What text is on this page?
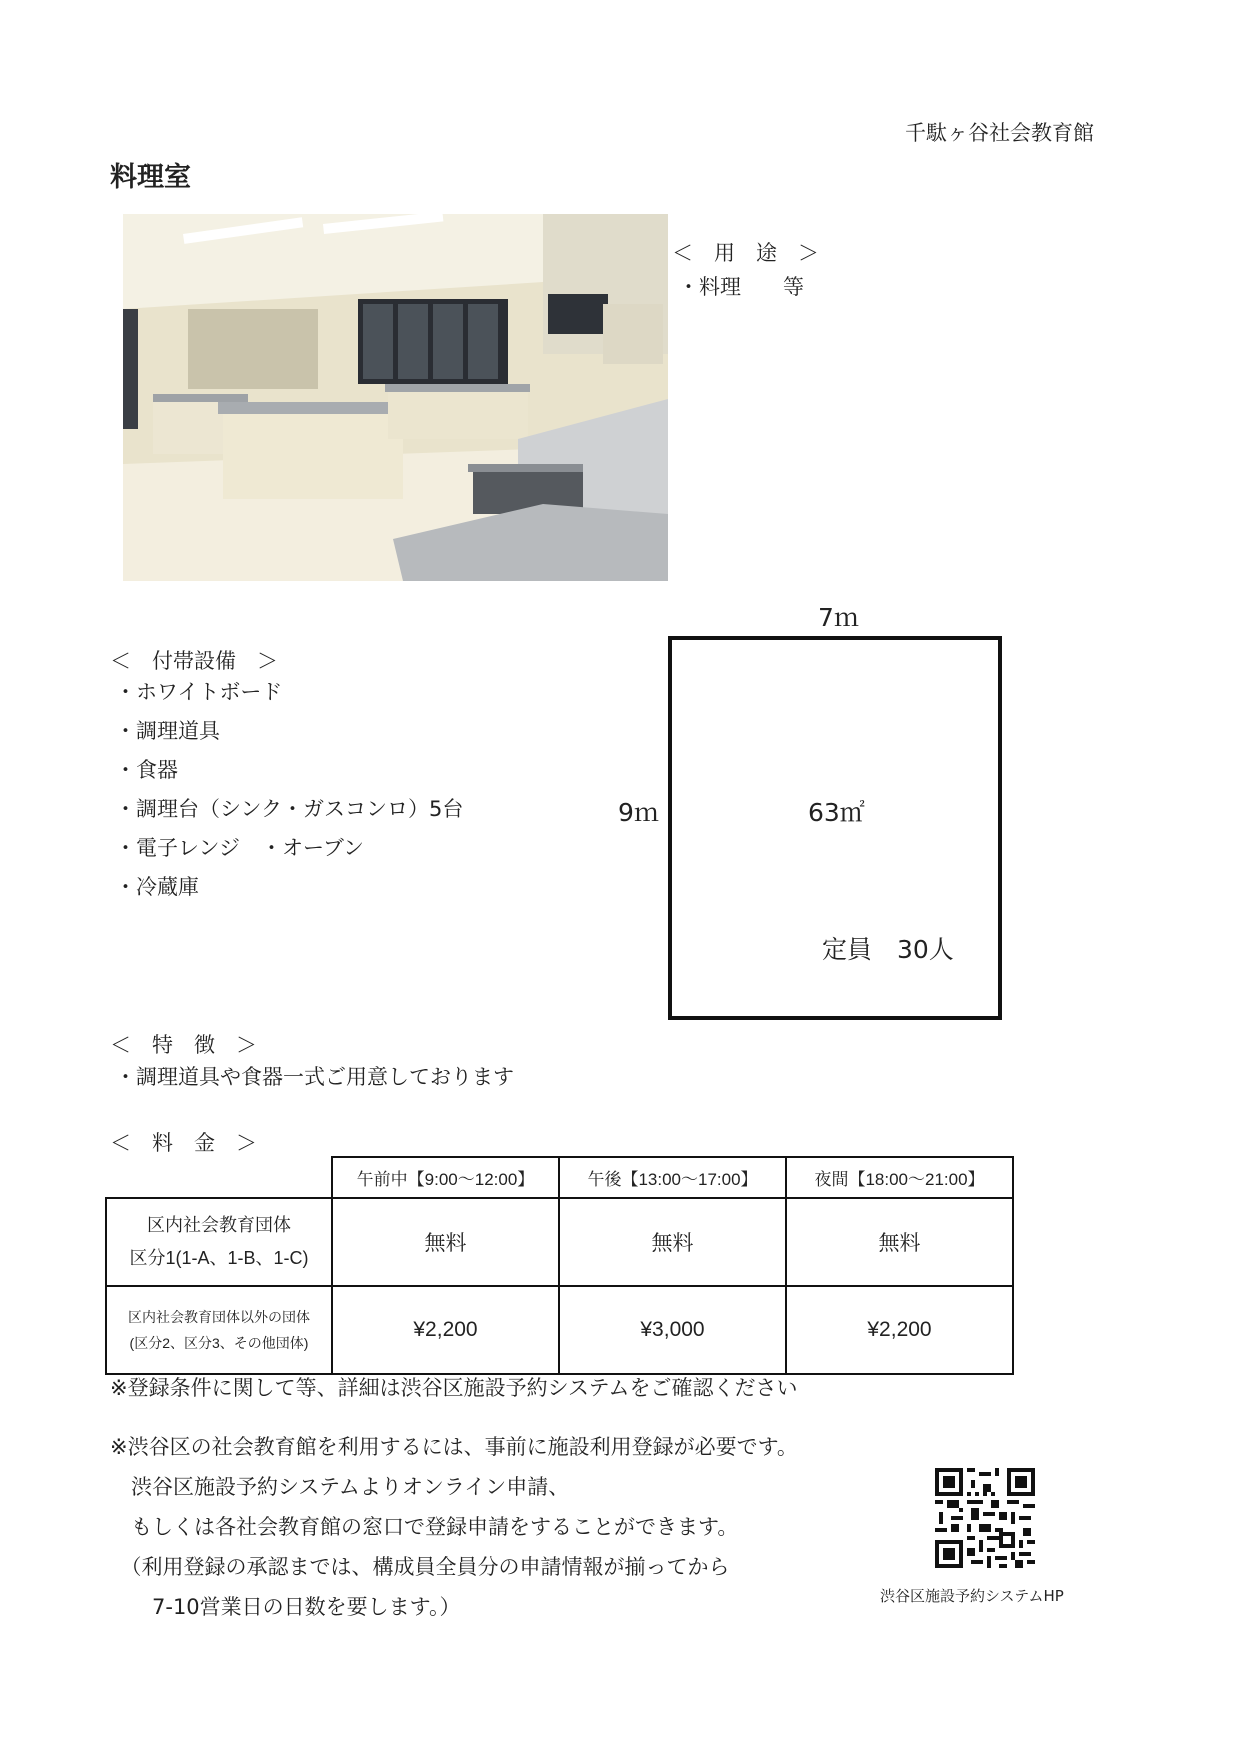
千駄ヶ谷社会教育館
料理室
＜　用　途　＞
・料理　　等
7ｍ
＜　付帯設備　＞
・ホワイトボード
・調理道具
・食器
・調理台（シンク・ガスコンロ）5台
・電子レンジ　・オーブン
・冷蔵庫
9ｍ	63㎡
定員　30人
＜　特　徴　＞
・調理道具や食器一式ご用意しております
＜　料　金　＞
	午前中【9:00～12:00】	午後【13:00～17:00】	夜間【18:00～21:00】

区内社会教育団体
区分1(1-A、1-B、1-C)	無料	無料	無料

区内社会教育団体以外の団体
(区分2、区分3、その他団体)	¥2,200	¥3,000	¥2,200
※登録条件に関して等、詳細は渋谷区施設予約システムをご確認ください
※渋谷区の社会教育館を利用するには、事前に施設利用登録が必要です。
　渋谷区施設予約システムよりオンライン申請、
　もしくは各社会教育館の窓口で登録申請をすることができます。
　（利用登録の承認までは、構成員全員分の申請情報が揃ってから
　　7-10営業日の日数を要します。）	渋谷区施設予約システムHP
